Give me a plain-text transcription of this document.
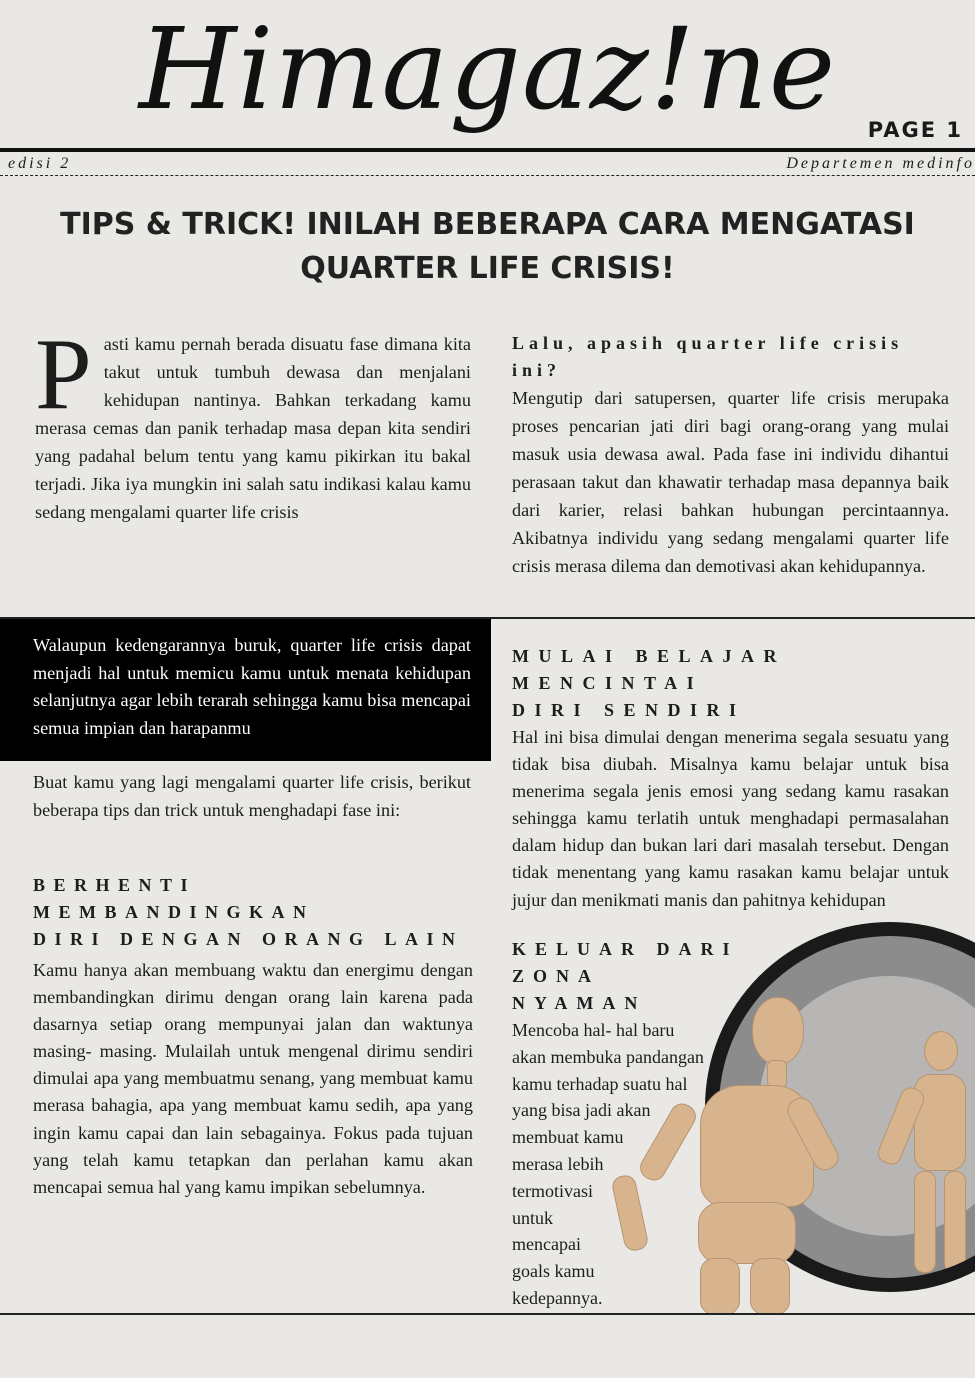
Himagaz!ne	PAGE 1
edisi 2	Departemen medinfo
TIPS & TRICK! INILAH BEBERAPA CARA MENGATASI QUARTER LIFE CRISIS!
Pasti kamu pernah berada disuatu fase dimana kita takut untuk tumbuh dewasa dan menjalani kehidupan nantinya. Bahkan terkadang kamu merasa cemas dan panik terhadap masa depan kita sendiri yang padahal belum tentu yang kamu pikirkan itu bakal terjadi. Jika iya mungkin ini salah satu indikasi kalau kamu sedang mengalami quarter life crisis
Lalu, apasih quarter life crisis ini?
Mengutip dari satupersen, quarter life crisis merupaka proses pencarian jati diri bagi orang-orang yang mulai masuk usia dewasa awal. Pada fase ini individu dihantui perasaan takut dan khawatir terhadap masa depannya baik dari karier, relasi bahkan hubungan percintaannya. Akibatnya individu yang sedang mengalami quarter life crisis merasa dilema dan demotivasi akan kehidupannya.
Walaupun kedengarannya buruk, quarter life crisis dapat menjadi hal untuk memicu kamu untuk menata kehidupan selanjutnya agar lebih terarah sehingga kamu bisa mencapai semua impian dan harapanmu
Buat kamu yang lagi mengalami quarter life crisis, berikut beberapa tips dan trick untuk menghadapi fase ini:
BERHENTI MEMBANDINGKAN
DIRI DENGAN ORANG LAIN
Kamu hanya akan membuang waktu dan energimu dengan membandingkan dirimu dengan orang lain karena pada dasarnya setiap orang mempunyai jalan dan waktunya masing- masing. Mulailah untuk mengenal dirimu sendiri dimulai apa yang membuatmu senang, yang membuat kamu merasa bahagia, apa yang membuat kamu sedih, apa yang ingin kamu capai dan lain sebagainya. Fokus pada tujuan yang telah kamu tetapkan dan perlahan kamu akan mencapai semua hal yang kamu impikan sebelumnya.
MULAI BELAJAR MENCINTAI
DIRI SENDIRI
Hal ini bisa dimulai dengan menerima segala sesuatu yang tidak bisa diubah. Misalnya kamu belajar untuk bisa menerima segala jenis emosi yang sedang kamu rasakan sehingga kamu terlatih untuk menghadapi permasalahan dalam hidup dan bukan lari dari masalah tersebut. Dengan tidak menentang yang kamu rasakan kamu belajar untuk jujur dan menikmati manis dan pahitnya kehidupan
KELUAR DARI
ZONA NYAMAN
Mencoba hal- hal baru
akan membuka pandangan
kamu terhadap suatu hal
yang bisa jadi akan
membuat kamu
merasa lebih
termotivasi
untuk
mencapai
goals kamu
kedepannya.
